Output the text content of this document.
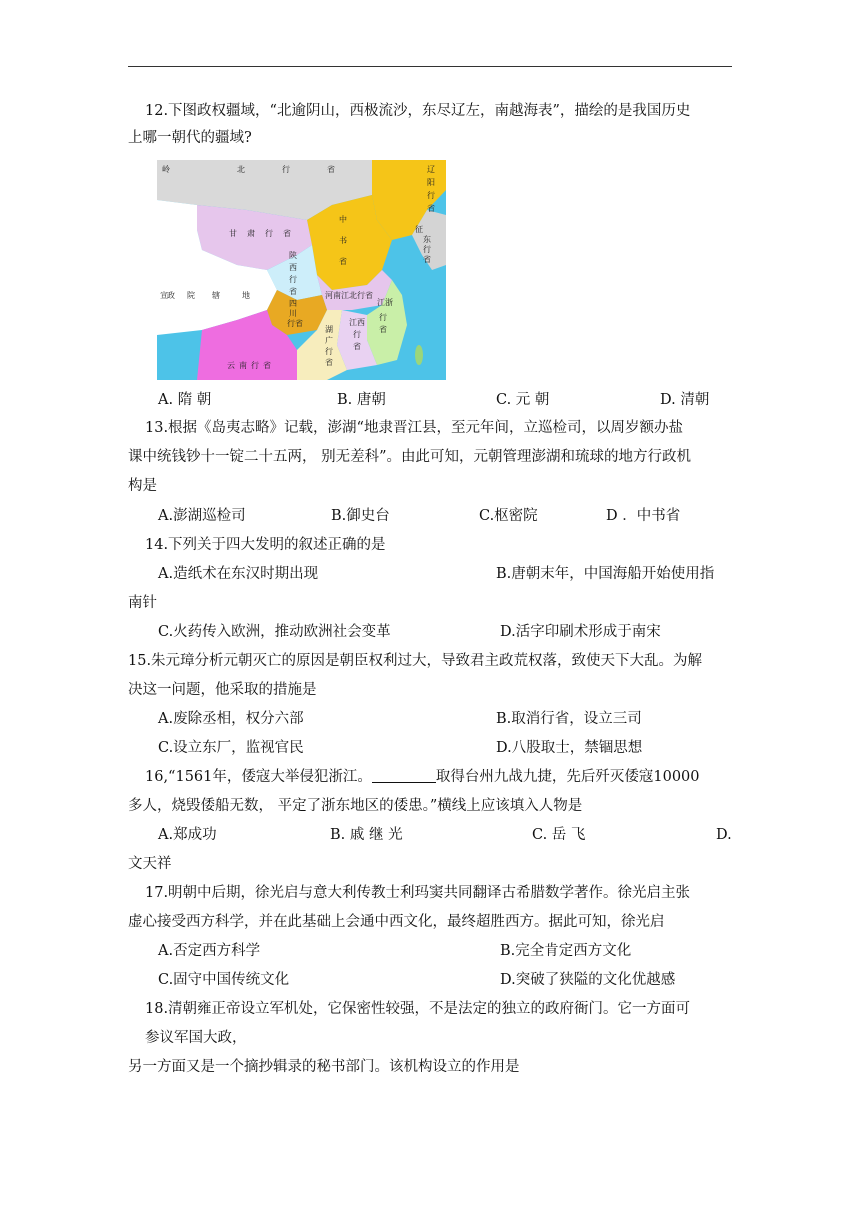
12.下图政权疆域，“北逾阴山，西极流沙，东尽辽左，南越海表”，描绘的是我国历史
上哪一朝代的疆域?
岭	北	行	省	辽
阳
行
省
中
书
省
甘 肃 行 省
陕
西
行
省
征
东
行
省
宣 政 院 辖	地
四
川
行 省
河 南 江 北 行 省
江 浙
行
省
湖
广
行
省
江 西
行
省
云 南 行 省
A. 隋 朝	B. 唐朝	C. 元 朝	D. 清朝
13.根据《岛夷志略》记载，澎湖“地隶晋江县，至元年间，立巡检司，以周岁额办盐
课中统钱钞十一锭二十五两， 别无差科”。由此可知，元朝管理澎湖和琉球的地方行政机
构是
A.澎湖巡检司	B.御史台	C.枢密院	D ．中书省
14.下列关于四大发明的叙述正确的是
A.造纸术在东汉时期出现	B.唐朝末年，中国海船开始使用指
南针
C.火药传入欧洲，推动欧洲社会变革	D.活字印刷术形成于南宋
15.朱元璋分析元朝灭亡的原因是朝臣权利过大，导致君主政荒权落，致使天下大乱。为解
决这一问题，他采取的措施是
A.废除丞相，权分六部	B.取消行省，设立三司
C.设立东厂，监视官民	D.八股取士，禁锢思想
16,“1561年，倭寇大举侵犯浙江。	取得台州九战九捷，先后歼灭倭寇10000
多人，烧毁倭船无数， 平定了浙东地区的倭患。”横线上应该填入人物是
A.郑成功	B. 戚 继 光	C. 岳 飞	D.
文天祥
17.明朝中后期，徐光启与意大利传教士利玛窦共同翻译古希腊数学著作。徐光启主张
虚心接受西方科学，并在此基础上会通中西文化，最终超胜西方。据此可知，徐光启
A.否定西方科学	B.完全肯定西方文化
C.固守中国传统文化	D.突破了狭隘的文化优越感
18.清朝雍正帝设立军机处，它保密性较强，不是法定的独立的政府衙门。它一方面可
参议军国大政，
另一方面又是一个摘抄辑录的秘书部门。该机构设立的作用是
